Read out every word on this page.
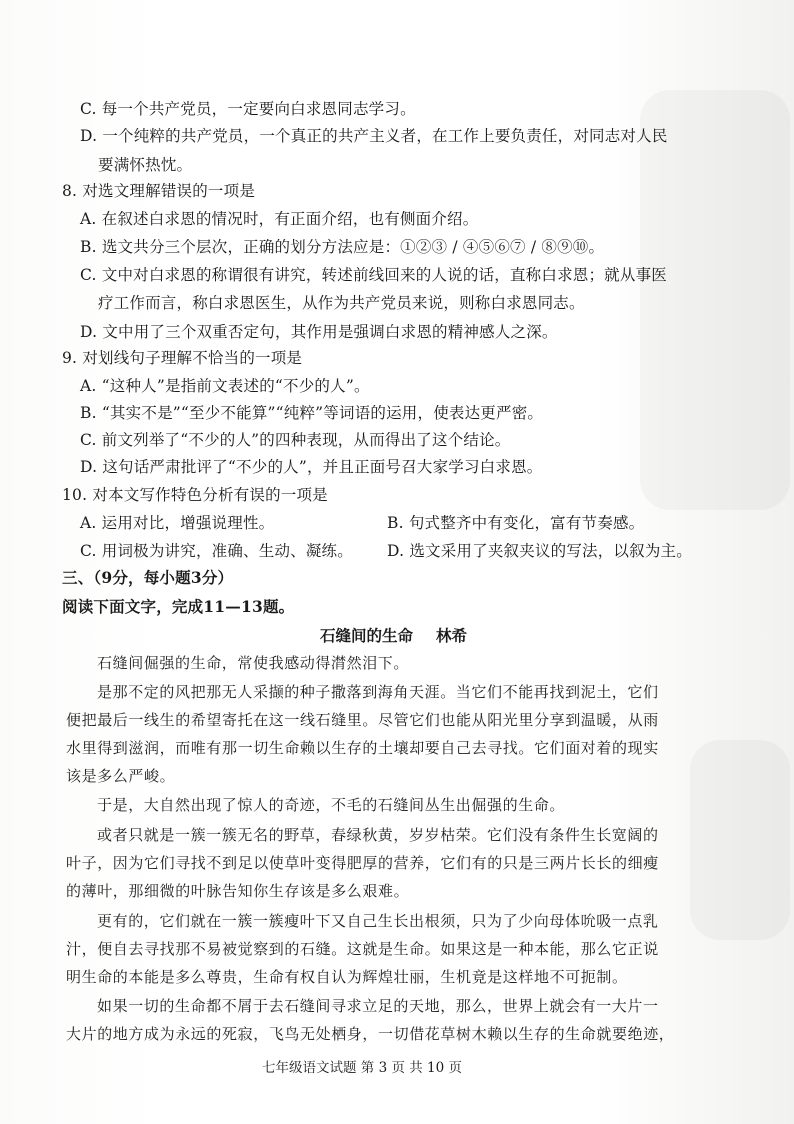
C. 每一个共产党员，一定要向白求恩同志学习。
D. 一个纯粹的共产党员，一个真正的共产主义者，在工作上要负责任，对同志对人民
要满怀热忱。
8. 对选文理解错误的一项是
A. 在叙述白求恩的情况时，有正面介绍，也有侧面介绍。
B. 选文共分三个层次，正确的划分方法应是：①②③ / ④⑤⑥⑦ / ⑧⑨⑩。
C. 文中对白求恩的称谓很有讲究，转述前线回来的人说的话，直称白求恩；就从事医
疗工作而言，称白求恩医生，从作为共产党员来说，则称白求恩同志。
D. 文中用了三个双重否定句，其作用是强调白求恩的精神感人之深。
9. 对划线句子理解不恰当的一项是
A. “这种人”是指前文表述的“不少的人”。
B. “其实不是”“至少不能算”“纯粹”等词语的运用，使表达更严密。
C. 前文列举了“不少的人”的四种表现，从而得出了这个结论。
D. 这句话严肃批评了“不少的人”，并且正面号召大家学习白求恩。
10. 对本文写作特色分析有误的一项是
A. 运用对比，增强说理性。	B. 句式整齐中有变化，富有节奏感。
C. 用词极为讲究，准确、生动、凝练。 D. 选文采用了夹叙夹议的写法，以叙为主。
三、（9分，每小题3分）
阅读下面文字，完成11—13题。
石缝间的生命 林希
石缝间倔强的生命，常使我感动得潸然泪下。
是那不定的风把那无人采撷的种子撒落到海角天涯。当它们不能再找到泥土，它们
便把最后一线生的希望寄托在这一线石缝里。尽管它们也能从阳光里分享到温暖，从雨
水里得到滋润，而唯有那一切生命赖以生存的土壤却要自己去寻找。它们面对着的现实
该是多么严峻。
于是，大自然出现了惊人的奇迹，不毛的石缝间丛生出倔强的生命。
或者只就是一簇一簇无名的野草，春绿秋黄，岁岁枯荣。它们没有条件生长宽阔的
叶子，因为它们寻找不到足以使草叶变得肥厚的营养，它们有的只是三两片长长的细瘦
的薄叶，那细微的叶脉告知你生存该是多么艰难。
更有的，它们就在一簇一簇瘦叶下又自己生长出根须，只为了少向母体吮吸一点乳
汁，便自去寻找那不易被觉察到的石缝。这就是生命。如果这是一种本能，那么它正说
明生命的本能是多么尊贵，生命有权自认为辉煌壮丽，生机竟是这样地不可扼制。
如果一切的生命都不屑于去石缝间寻求立足的天地，那么，世界上就会有一大片一
大片的地方成为永远的死寂，飞鸟无处栖身，一切借花草树木赖以生存的生命就要绝迹，
七年级语文试题 第 3 页 共 10 页
